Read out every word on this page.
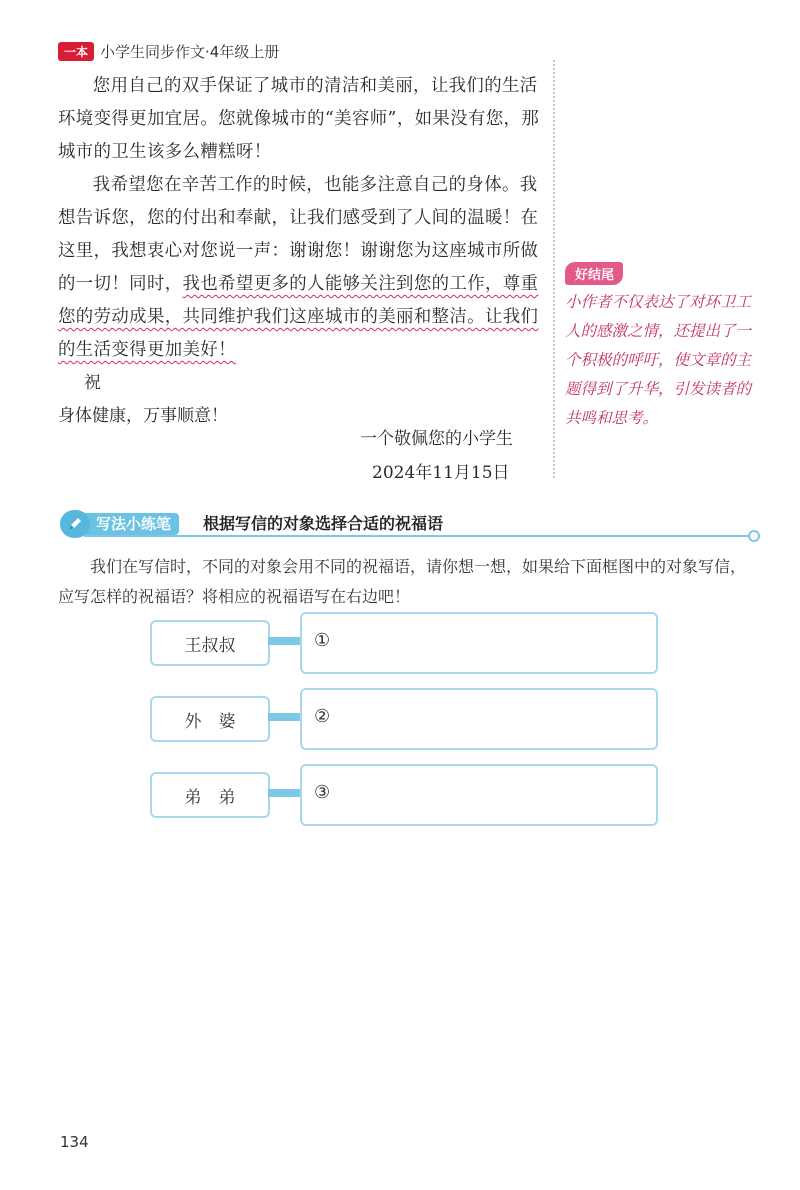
一本 小学生同步作文·4年级上册

您用自己的双手保证了城市的清洁和美丽，让我们的生活环境变得更加宜居。您就像城市的“美容师”，如果没有您，那城市的卫生该多么糟糕呀！

我希望您在辛苦工作的时候，也能多注意自己的身体。我想告诉您，您的付出和奉献，让我们感受到了人间的温暖！在这里，我想衷心对您说一声：谢谢您！谢谢您为这座城市所做的一切！同时，我也希望更多的人能够关注到您的工作，尊重您的劳动成果，共同维护我们这座城市的美丽和整洁。让我们的生活变得更加美好！

祝

身体健康，万事顺意！

一个敬佩您的小学生
2024年11月15日
好结尾
小作者不仅表达了对环卫工人的感激之情，还提出了一个积极的呼吁，使文章的主题得到了升华，引发读者的共鸣和思考。
写法小练笔	根据写信的对象选择合适的祝福语

我们在写信时，不同的对象会用不同的祝福语，请你想一想，如果给下面框图中的对象写信，应写怎样的祝福语？将相应的祝福语写在右边吧！

王叔叔	①
外　婆	②
弟　弟	③
134
